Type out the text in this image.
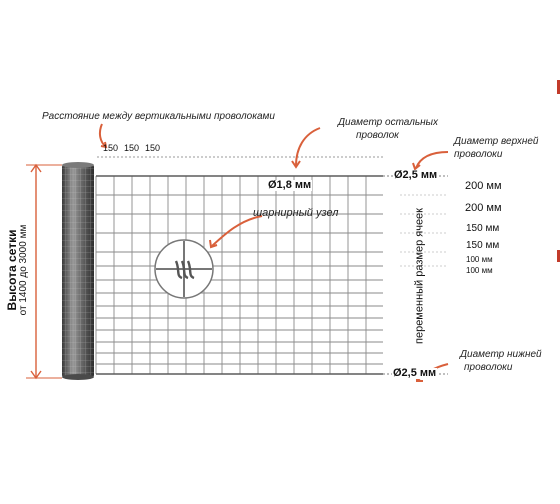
Расстояние между вертикальными проволоками
150 150 150
Диаметр остальных
проволок
Диаметр верхней
проволоки
Диаметр нижней
проволоки
шарнирный узел
Ø1,8 мм
Ø2,5 мм
Ø2,5 мм
200 мм
200 мм
150 мм
150 мм
100 мм
100 мм
Высота сетки от 1400 до 3000 мм	переменный размер ячеек
